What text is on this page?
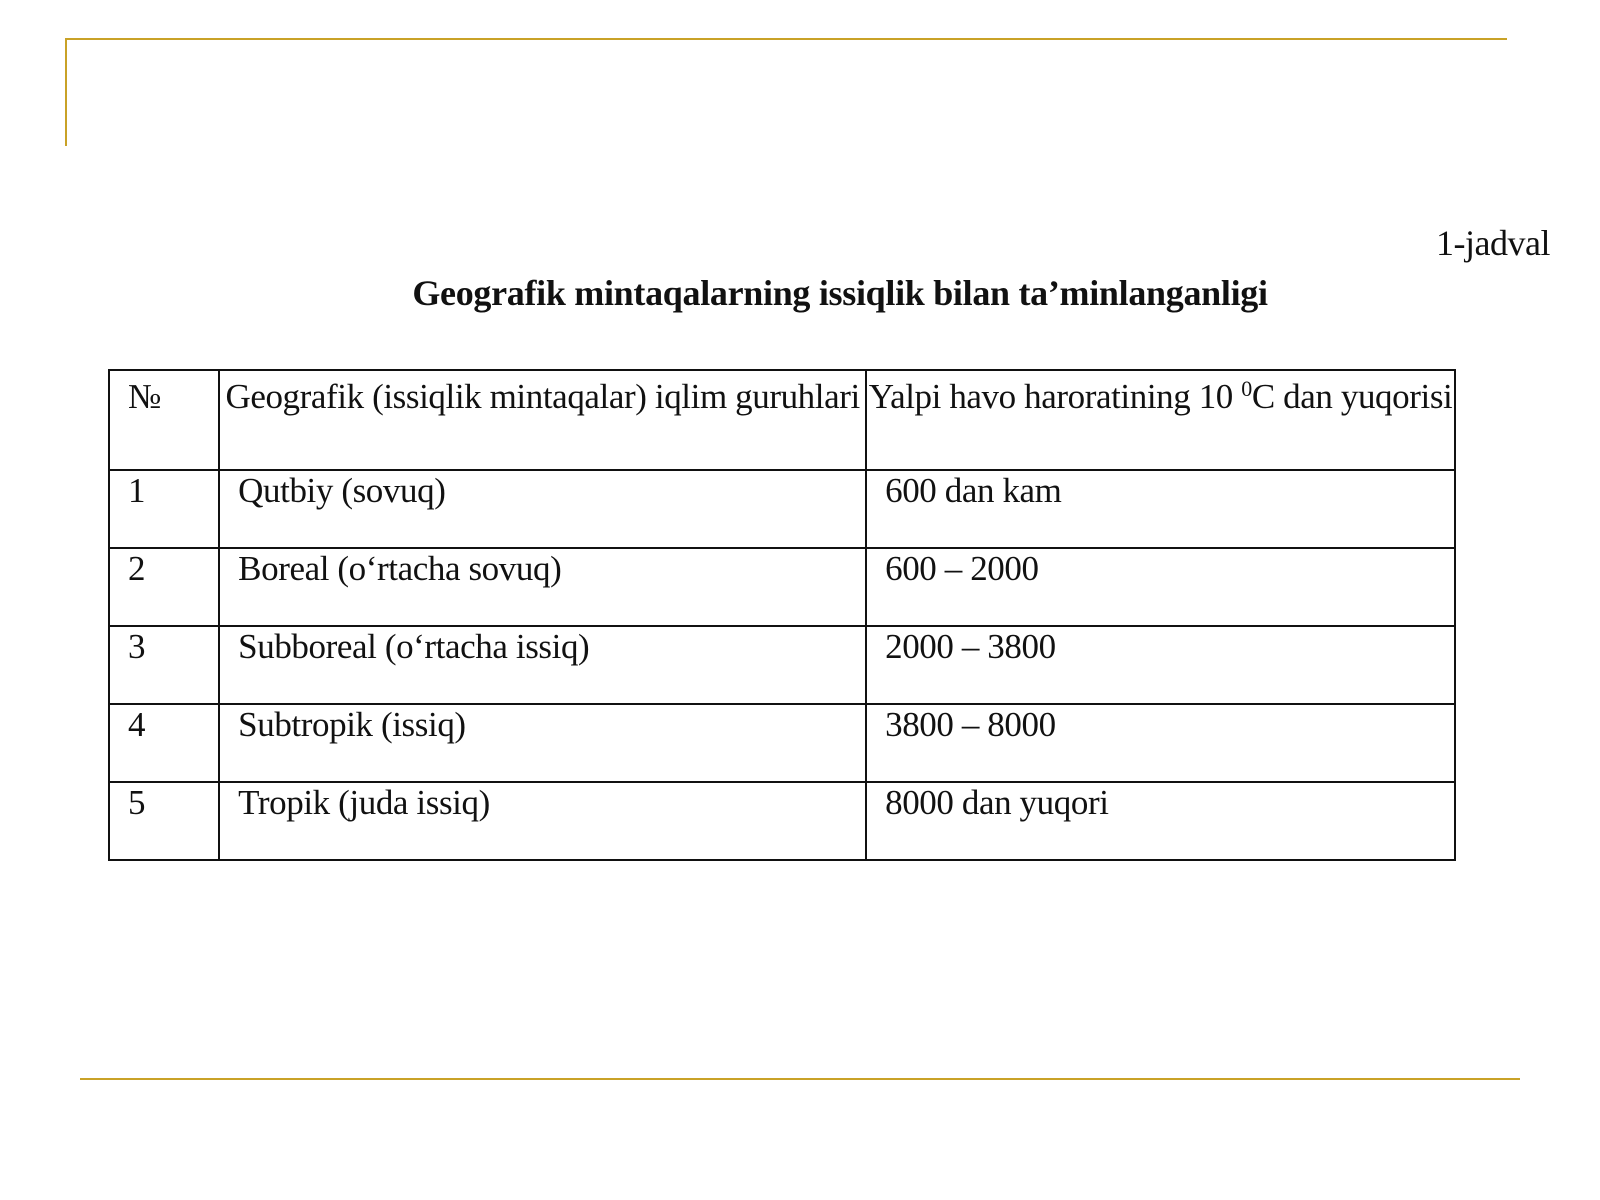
1-jadval
Geografik mintaqalarning issiqlik bilan ta’minlanganligi
№	Geografik (issiqlik mintaqalar) iqlim guruhlari	Yalpi havo haroratining 10 $^0$C dan yuqorisi
1	Qutbiy (sovuq)	600 dan kam
2	Boreal (oʻrtacha sovuq)	600 – 2000
3	Subboreal (oʻrtacha issiq)	2000 – 3800
4	Subtropik (issiq)	3800 – 8000
5	Tropik (juda issiq)	8000 dan yuqori
